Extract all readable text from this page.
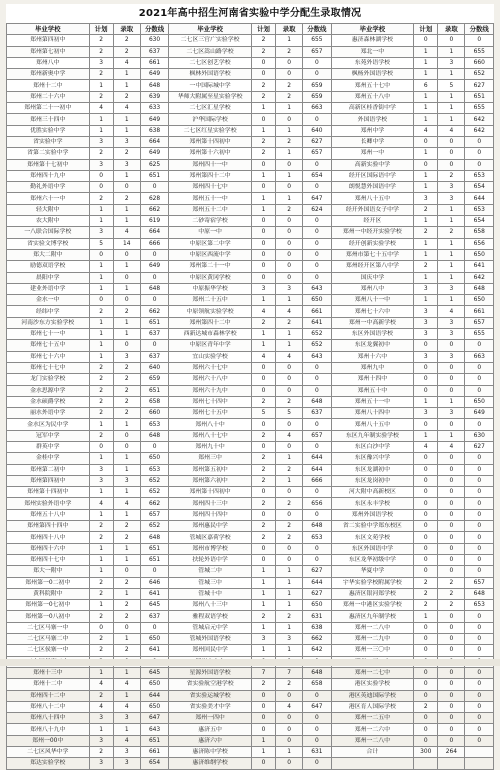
2021年高中招生河南省实验中学分配生录取情况
毕业学校	计划	录取	分数线	毕业学校	计划	录取	分数线	毕业学校	计划	录取	分数线
郑州第四初中	2	2	630	二七区三官广实验学校	2	1	655	惠济森林湖学校	0	0	0
郑州第七初中	2	2	637	二七区嵩山路学校	2	2	657	郑北一中	1	1	655
郑州八中	3	4	661	二七区创艺学校	0	0	0	东苑外语学校	1	3	660
郑州新奥中学	2	1	649	枫林外国语学校	0	0	0	枫杨外国语学校	1	1	652
郑州十二中	1	1	648	一中国际城中学	2	2	659	郑州五十七中	6	5	627
郑州二十六中	2	2	639	华师大附属至星实验学校	2	2	659	郑州五十八中	1	1	651
郑州第二十一初中	4	4	633	二七区汇星学校	1	1	663	高新区桂香街中学	1	1	655
郑州三十四中	1	1	649	沪华国际学校	0	0	0	外国语学校	1	1	642
优胜实验中学	1	1	638	二七区红星实验学校	1	1	640	郑州中学	4	4	642
省实验中学	3	3	664	郑州第十四初中	2	2	627	长卿中学	0	0	0
省第二实验中学	2	2	649	郑州第十六初中	2	1	657	郑州一中	1	0	0
郑州第十七初中	3	3	625	郑州四十一中	0	0	0	高新实验中学	0	0	0
郑州四十九中	0	1	651	郑州第四十二中	1	1	654	经开区国际语中学	1	2	653
勤礼外语中学	0	0	0	郑州四十七中	0	0	0	朗悦慧外国语中学	1	3	654
郑州六十一中	2	2	628	郑州五十一中	1	1	647	郑州八十五中	3	3	644
轻大附中	1	1	662	郑州五十二中	1	2	624	经开外国语女子中学	2	1	653
农大附中	1	1	619	二砂寄宿学校	0	0	0	经开区	1	1	654
一八联合国际学校	3	4	664	中原一中	0	0	0	郑州一中经开实验学校	2	2	658
省实验文博学校	5	14	666	中原区第二中学	0	0	0	经开创新实验学校	1	1	656
郑大二附中	0	0	0	中原区西流中学	0	0	0	郑州市第七十五中学	1	1	650
励德双语学校	1	1	649	郑州第二十一中	0	0	0	郑州经开区第八中学	2	1	641
晨阳中学	1	0	0	中原区黄冈学校	0	0	0	国庆中学	1	1	642
建业外语中学	1	1	648	中原振华学校	3	3	643	郑州八中	3	3	648
金水一中	0	0	0	郑州二十五中	1	1	650	郑州八十一中	1	1	650
经纬中学	2	2	662	中原领航实验学校	4	4	661	郑州七十六中	3	4	661
河南沙东方实验学校	1	1	651	郑州第四十二中	2	2	641	郑州一中高新学校	3	3	657
郑州七十一中	1	1	637	西新达城市森林学校	1	1	652	东区外国语学校	3	3	655
郑州七十五中	1	0	0	中原区青年中学	1	1	652	东区龙翼初中	0	0	0
郑州七十六中	1	3	637	宜山实验学校	4	4	643	郑州十六中	3	3	663
郑州七十七中	2	2	640	郑州六十七中	0	0	0	郑州九中	0	0	0
龙门实验学校	2	2	659	郑州六十八中	0	0	0	郑州十四中	0	0	0
金水思源中学	2	2	651	郑州六十九中	0	0	0	郑州五十中	0	0	0
金水硕爵学校	2	2	658	郑州七十四中	2	2	648	郑州五十一中	1	1	650
丽水外语中学	2	2	660	郑州七十五中	5	5	637	郑州八十四中	3	3	649
金水区为民中学	1	1	653	郑州八十中	0	0	0	郑州八十五中	0	0	0
冠军中学	2	0	648	郑州八十七中	2	4	657	东区九年制实验学校	1	1	630
群英中学	0	0	0	郑州九十中	0	0	0	东区白沙中学	4	4	627
金桂中学	1	1	650	郑州三中	2	1	644	东区豫兴中学	0	0	0
郑州第二初中	3	1	653	郑州第五初中	2	2	644	东区龙湖初中	0	0	0
郑州第四初中	3	3	652	郑州第六初中	2	1	666	东区龙岗初中	0	0	0
郑州第十四初中	1	1	652	郑州第十四初中	0	0	0	河大附中高新校区	0	0	0
郑州实验外语中学	4	4	662	郑州四十三中	2	2	656	东区永丰学校	0	0	0
郑州五十八中	1	1	657	郑州四十四中	0	0	0	郑州外国语学校	0	0	0
郑州第四十四中	2	2	652	郑州惠民中学	2	2	648	省二实验中学郑东校区	0	0	0
郑州四十八中	2	2	648	管城区嘉荷学校	2	2	653	东区文苑学校	0	0	0
郑州四十六中	1	1	651	郑州市博学校	0	0	0	东区外国语中学	0	0	0
郑州四十七中	1	1	651	扶轮外语中学	0	0	0	东区龙华初级中学	0	0	0
郑大一附中	1	0	0	管城二中	1	1	627	华夏中学	0	0	0
郑州第一0二初中	2	2	646	管城三中	1	1	644	宇华实验学校附属学校	2	2	657
黄科院附中	2	1	641	管城十中	1	1	627	惠济区银河郑学校	2	2	648
郑州第一0七初中	1	2	645	郑州八十三中	1	1	650	郑州一中港区实验学校	2	2	653
郑州第一0八初中	2	2	637	雅程双语学校	2	2	631	惠济区九年制学校	1	0	0
二七区马寨一中	0	0	0	管城启元中学	1	1	638	郑州一二八中	0	0	0
二七区马寨二中	2	1	650	管城外国语学校	3	3	662	郑州一二九中	0	0	0
二七区侯寨一中	2	2	641	郑州回民中学	1	1	642	郑州一三〇中	0	0	0

郑州十三中	1	1	645	星源外国语学校	7	7	648	郑州一二七中	0	0	0
郑州十二中	4	4	650	省实验航空港学校	2	2	658	港区实验学校	0	0	0
郑州四十二中	2	1	644	省实验运城学校	0	0	0	港区英迪国际学校	0	0	0
郑州八十二中	4	4	650	省实验美才中学	0	4	647	港区育人国际学校	2	0	0
郑州八十四中	3	3	647	郑州一四中	0	0	0	郑州一二五中	0	0	0
郑州八十九中	1	1	643	惠济五中	0	0	0	郑州一二六中	0	0	0
郑州一00中	3	4	651	惠济六中	1	0	0	郑州一二八中	0	0	0
二七区风华中学	2	3	661	惠济陈中学校	1	1	631	合计	300	264	
郑达实验学校	3	3	654	惠济维纲学校	0	0	0				
